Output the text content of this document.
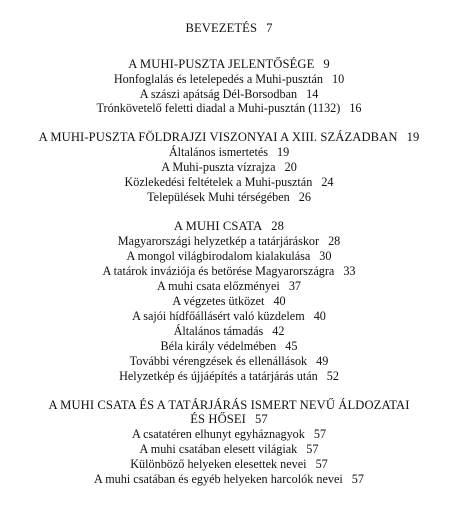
BEVEZETÉS 7
A MUHI-PUSZTA JELENTŐSÉGE 9
Honfoglalás és letelepedés a Muhi-pusztán 10
A szászi apátság Dél-Borsodban 14
Trónkövetelő feletti diadal a Muhi-pusztán (1132) 16
A MUHI-PUSZTA FÖLDRAJZI VISZONYAI A XIII. SZÁZADBAN 19
Általános ismertetés 19
A Muhi-puszta vízrajza 20
Közlekedési feltételek a Muhi-pusztán 24
Települések Muhi térségében 26
A MUHI CSATA 28
Magyarországi helyzetkép a tatárjáráskor 28
A mongol világbirodalom kialakulása 30
A tatárok inváziója és betörése Magyarországra 33
A muhi csata előzményei 37
A végzetes ütközet 40
A sajói hídfőállásért való küzdelem 40
Általános támadás 42
Béla király védelmében 45
További vérengzések és ellenállások 49
Helyzetkép és újjáépítés a tatárjárás után 52
A MUHI CSATA ÉS A TATÁRJÁRÁS ISMERT NEVŰ ÁLDOZATAI
ÉS HŐSEI 57
A csatatéren elhunyt egyháznagyok 57
A muhi csatában elesett világiak 57
Különböző helyeken elesettek nevei 57
A muhi csatában és egyéb helyeken harcolók nevei 57
